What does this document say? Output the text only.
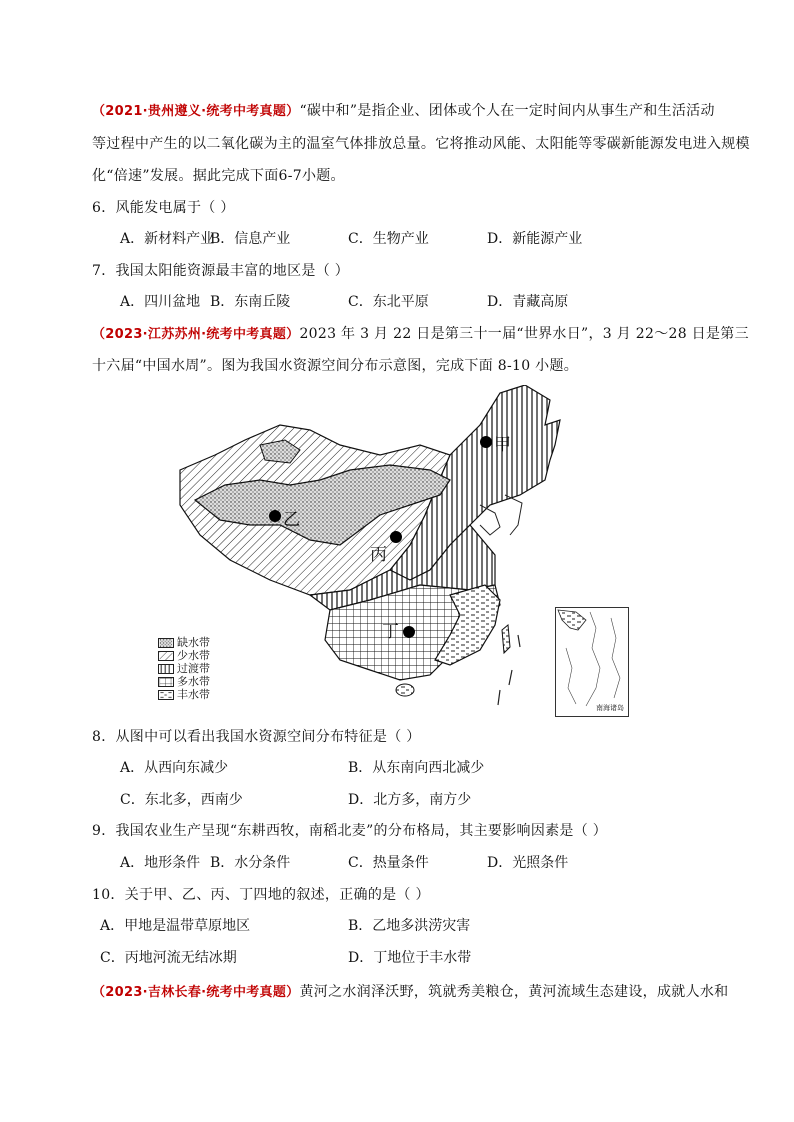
（2021·贵州遵义·统考中考真题）“碳中和”是指企业、团体或个人在一定时间内从事生产和生活活动
等过程中产生的以二氧化碳为主的温室气体排放总量。它将推动风能、太阳能等零碳新能源发电进入规模
化“倍速”发展。据此完成下面6-7小题。
6．风能发电属于（ ）
A．新材料产业
B．信息产业	C．生物产业	D．新能源产业
7．我国太阳能资源最丰富的地区是（ ）
A．四川盆地 B．东南丘陵	C．东北平原	D．青藏高原
（2023·江苏苏州·统考中考真题）2023 年 3 月 22 日是第三十一届“世界水日”，3 月 22～28 日是第三
十六届“中国水周”。图为我国水资源空间分布示意图，完成下面 8-10 小题。
甲
乙
丙
丁
缺水带
少水带
过渡带
多水带
丰水带
南海诸岛
8．从图中可以看出我国水资源空间分布特征是（ ）
A．从西向东减少	B．从东南向西北减少
C．东北多，西南少	D．北方多，南方少
9．我国农业生产呈现“东耕西牧，南稻北麦”的分布格局，其主要影响因素是（ ）
A．地形条件 B．水分条件	C．热量条件	D．光照条件
10．关于甲、乙、丙、丁四地的叙述，正确的是（ ）
A．甲地是温带草原地区	B．乙地多洪涝灾害
C．丙地河流无结冰期	D．丁地位于丰水带
（2023·吉林长春·统考中考真题）黄河之水润泽沃野，筑就秀美粮仓，黄河流域生态建设，成就人水和
